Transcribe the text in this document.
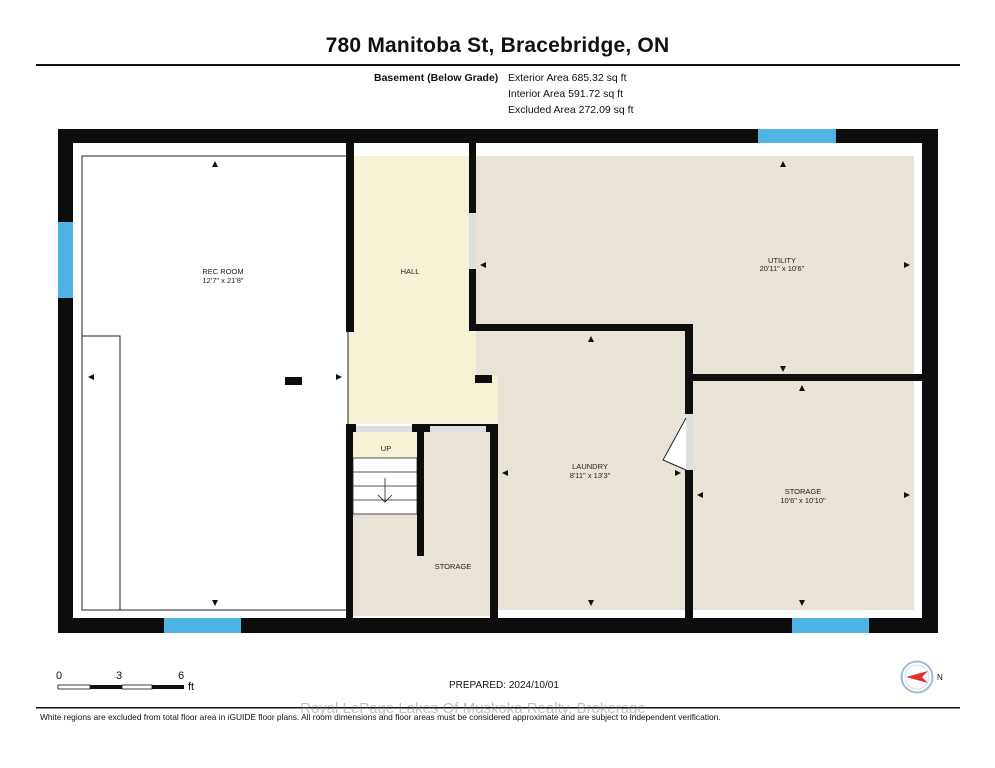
780 Manitoba St, Bracebridge, ON
Basement (Below Grade) Exterior Area 685.32 sq ft
Interior Area 591.72 sq ft
Excluded Area 272.09 sq ft
REC ROOM
12'7" x 21'8"
HALL
UTILITY
20'11" x 10'6"
LAUNDRY
8'11" x 13'3"
STORAGE
10'6" x 10'10"
STORAGE
UP
0	3	6
ft	PREPARED: 2024/10/01
Royal LePage Lakes Of Muskoka Realty, Brokerage
White regions are excluded from total floor area in iGUIDE floor plans. All room dimensions and floor areas must be considered approximate and are subject to independent verification.
N
